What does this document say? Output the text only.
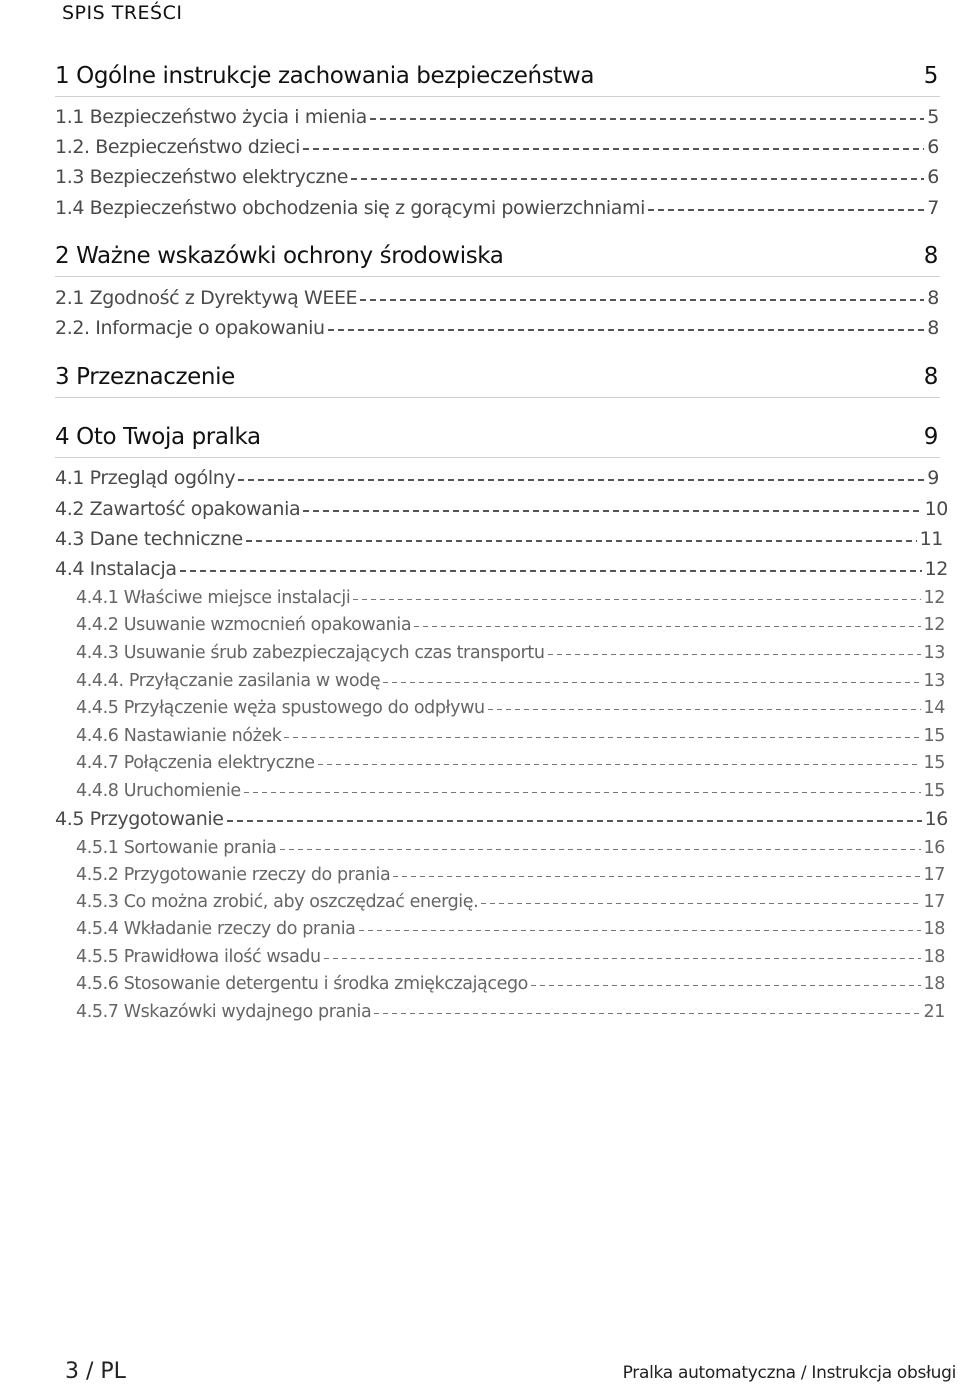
SPIS TREŚCI
1 Ogólne instrukcje zachowania bezpieczeństwa	5
1.1 Bezpieczeństwo życia i mienia	5
1.2. Bezpieczeństwo dzieci	6
1.3 Bezpieczeństwo elektryczne	6
1.4 Bezpieczeństwo obchodzenia się z gorącymi powierzchniami	7
2 Ważne wskazówki ochrony środowiska	8
2.1 Zgodność z Dyrektywą WEEE	8
2.2. Informacje o opakowaniu	8
3 Przeznaczenie	8
4 Oto Twoja pralka	9
4.1 Przegląd ogólny	9
4.2 Zawartość opakowania	10
4.3 Dane techniczne	11
4.4 Instalacja	12
4.4.1 Właściwe miejsce instalacji	12
4.4.2 Usuwanie wzmocnień opakowania	12
4.4.3 Usuwanie śrub zabezpieczających czas transportu	13
4.4.4. Przyłączanie zasilania w wodę	13
4.4.5 Przyłączenie węża spustowego do odpływu	14
4.4.6 Nastawianie nóżek	15
4.4.7 Połączenia elektryczne	15
4.4.8 Uruchomienie	15
4.5 Przygotowanie	16
4.5.1 Sortowanie prania	16
4.5.2 Przygotowanie rzeczy do prania	17
4.5.3 Co można zrobić, aby oszczędzać energię.	17
4.5.4 Wkładanie rzeczy do prania	18
4.5.5 Prawidłowa ilość wsadu	18
4.5.6 Stosowanie detergentu i środka zmiękczającego	18
4.5.7 Wskazówki wydajnego prania	21
3 / PL	Pralka automatyczna / Instrukcja obsługi
